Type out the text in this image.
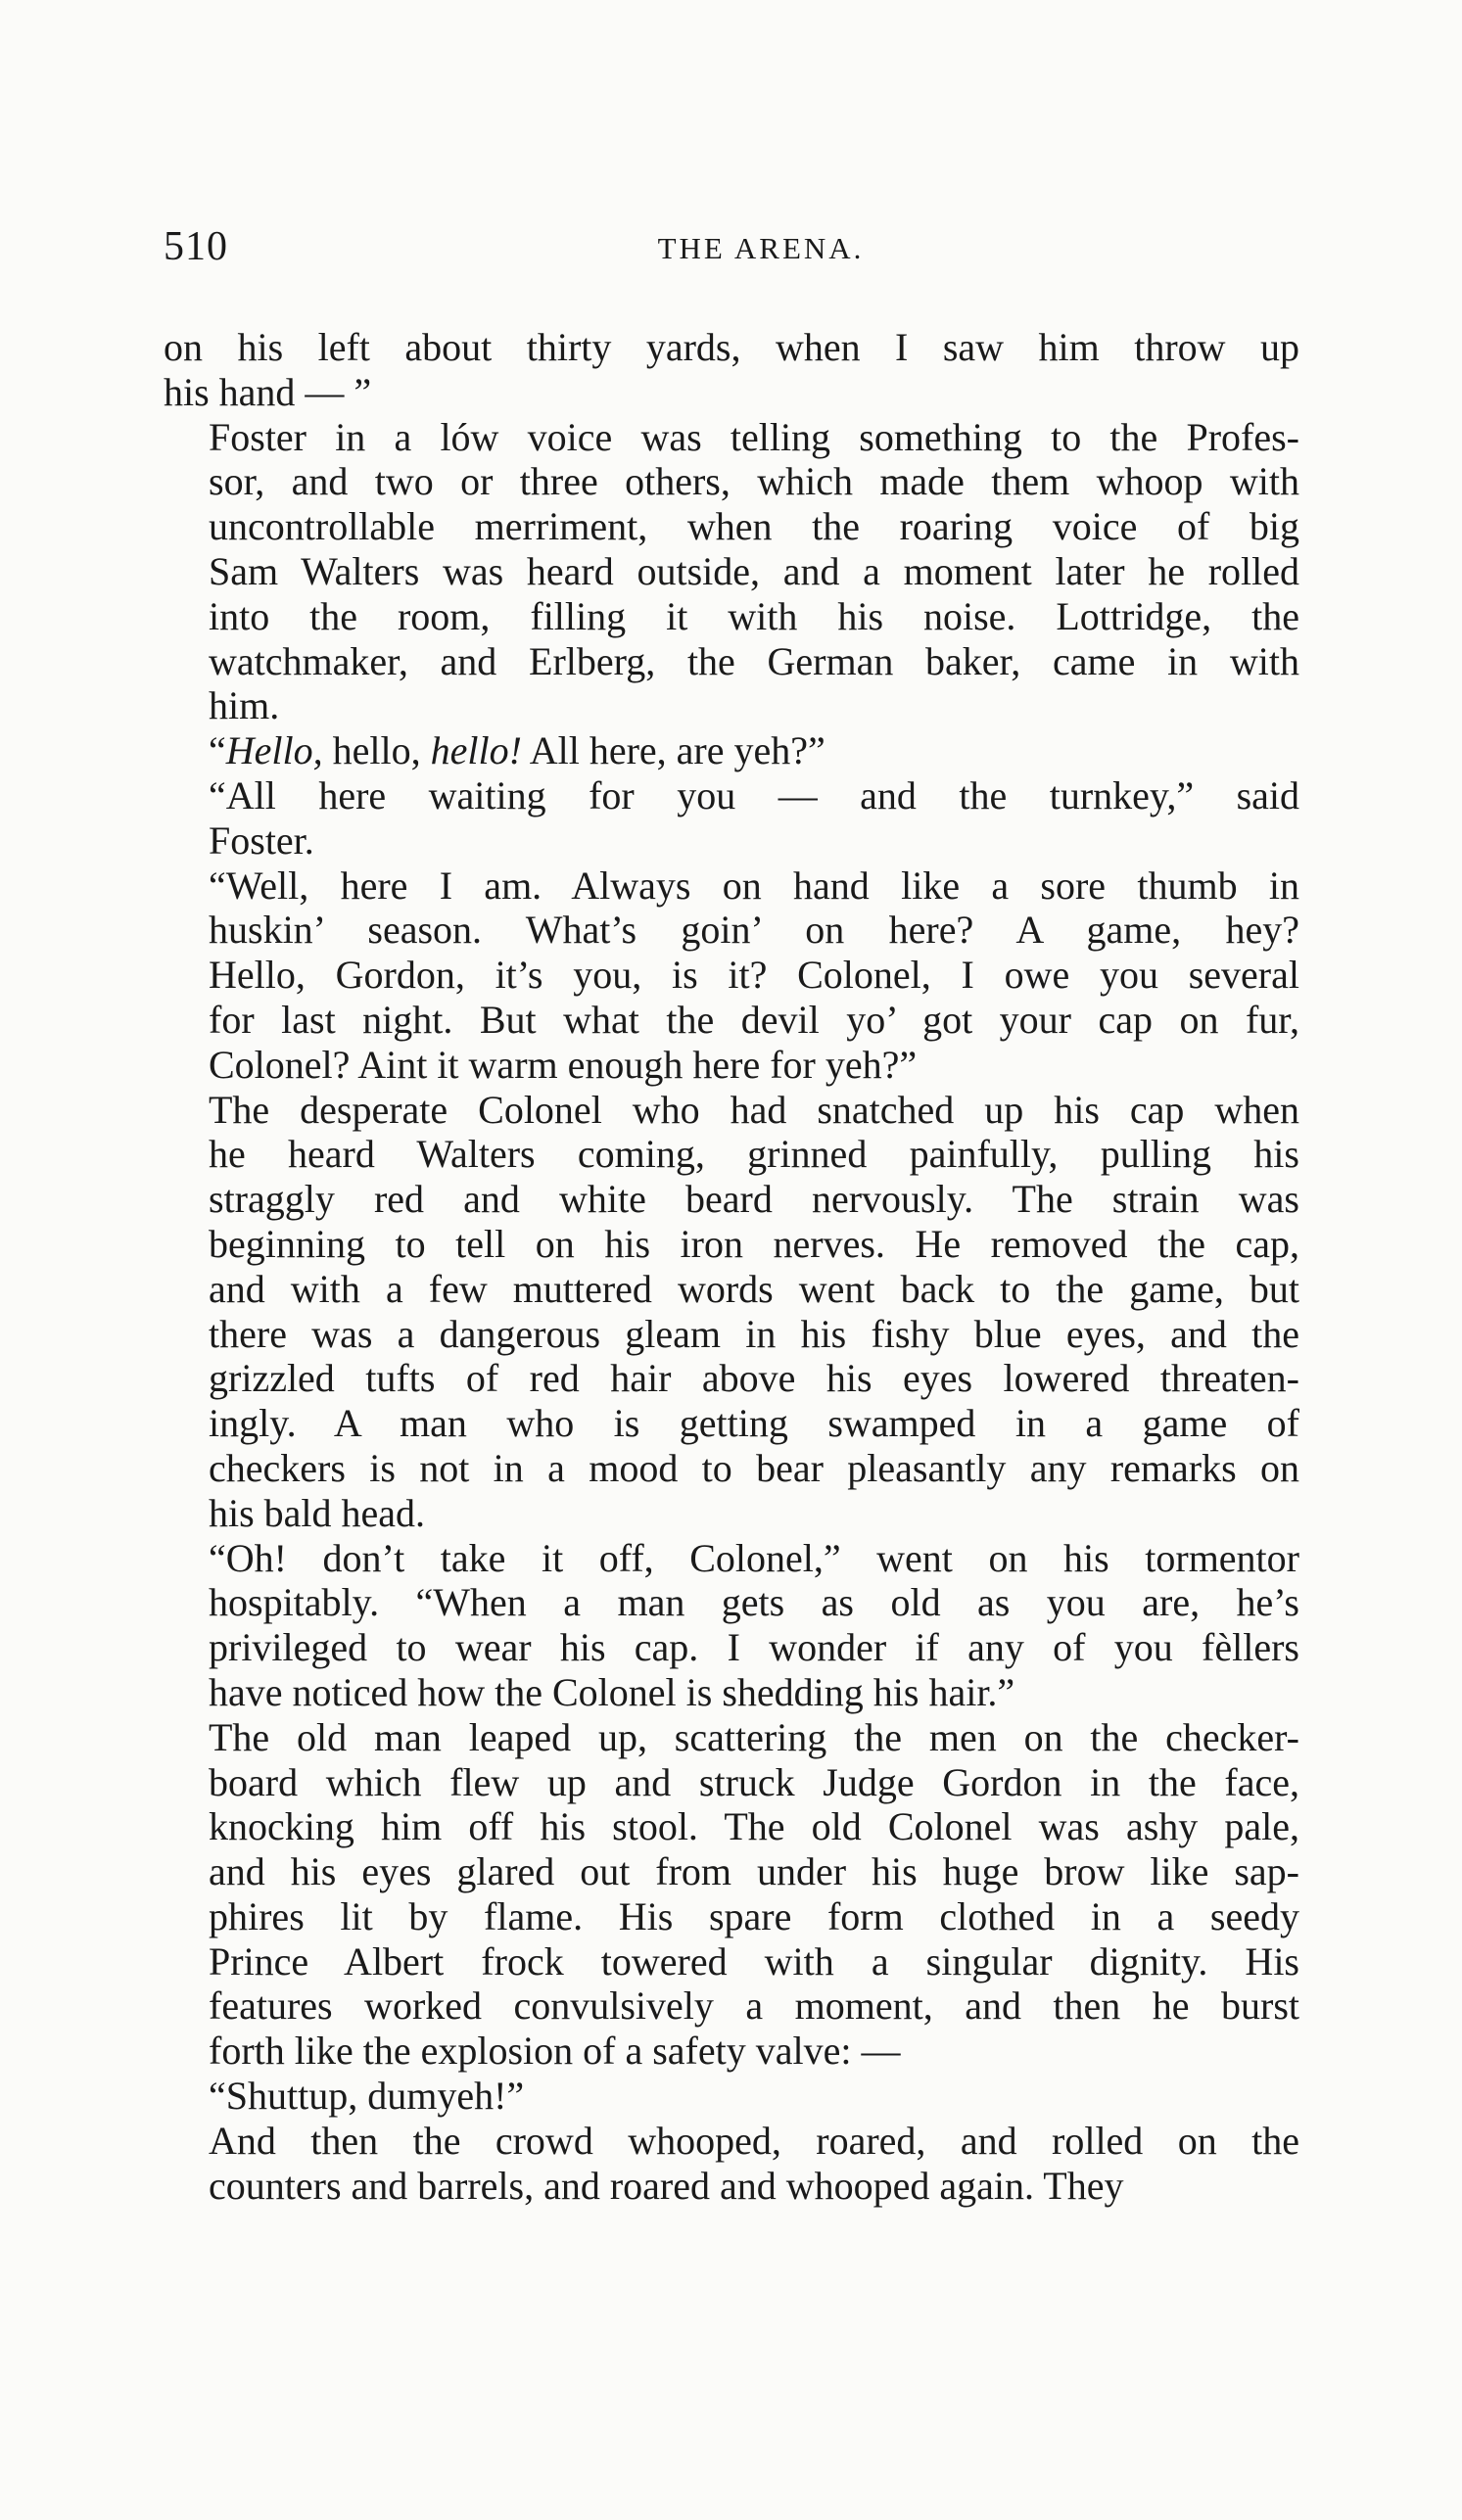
510	THE ARENA.

on his left about thirty yards, when I saw him throw up
his hand — ”

Foster in a lów voice was telling something to the Profes-
sor, and two or three others, which made them whoop with
uncontrollable merriment, when the roaring voice of big
Sam Walters was heard outside, and a moment later he rolled
into the room, filling it with his noise. Lottridge, the
watchmaker, and Erlberg, the German baker, came in with
him.

“Hello, hello, hello! All here, are yeh?”

“All here waiting for you — and the turnkey,” said
Foster.

“Well, here I am. Always on hand like a sore thumb in
huskin’ season. What’s goin’ on here? A game, hey?
Hello, Gordon, it’s you, is it? Colonel, I owe you several
for last night. But what the devil yo’ got your cap on fur,
Colonel? Aint it warm enough here for yeh?”

The desperate Colonel who had snatched up his cap when
he heard Walters coming, grinned painfully, pulling his
straggly red and white beard nervously. The strain was
beginning to tell on his iron nerves. He removed the cap,
and with a few muttered words went back to the game, but
there was a dangerous gleam in his fishy blue eyes, and the
grizzled tufts of red hair above his eyes lowered threaten-
ingly. A man who is getting swamped in a game of
checkers is not in a mood to bear pleasantly any remarks on
his bald head.

“Oh! don’t take it off, Colonel,” went on his tormentor
hospitably. “When a man gets as old as you are, he’s
privileged to wear his cap. I wonder if any of you fèllers
have noticed how the Colonel is shedding his hair.”

The old man leaped up, scattering the men on the checker-
board which flew up and struck Judge Gordon in the face,
knocking him off his stool. The old Colonel was ashy pale,
and his eyes glared out from under his huge brow like sap-
phires lit by flame. His spare form clothed in a seedy
Prince Albert frock towered with a singular dignity. His
features worked convulsively a moment, and then he burst
forth like the explosion of a safety valve: —

“Shuttup, dumyeh!”

And then the crowd whooped, roared, and rolled on the
counters and barrels, and roared and whooped again. They
